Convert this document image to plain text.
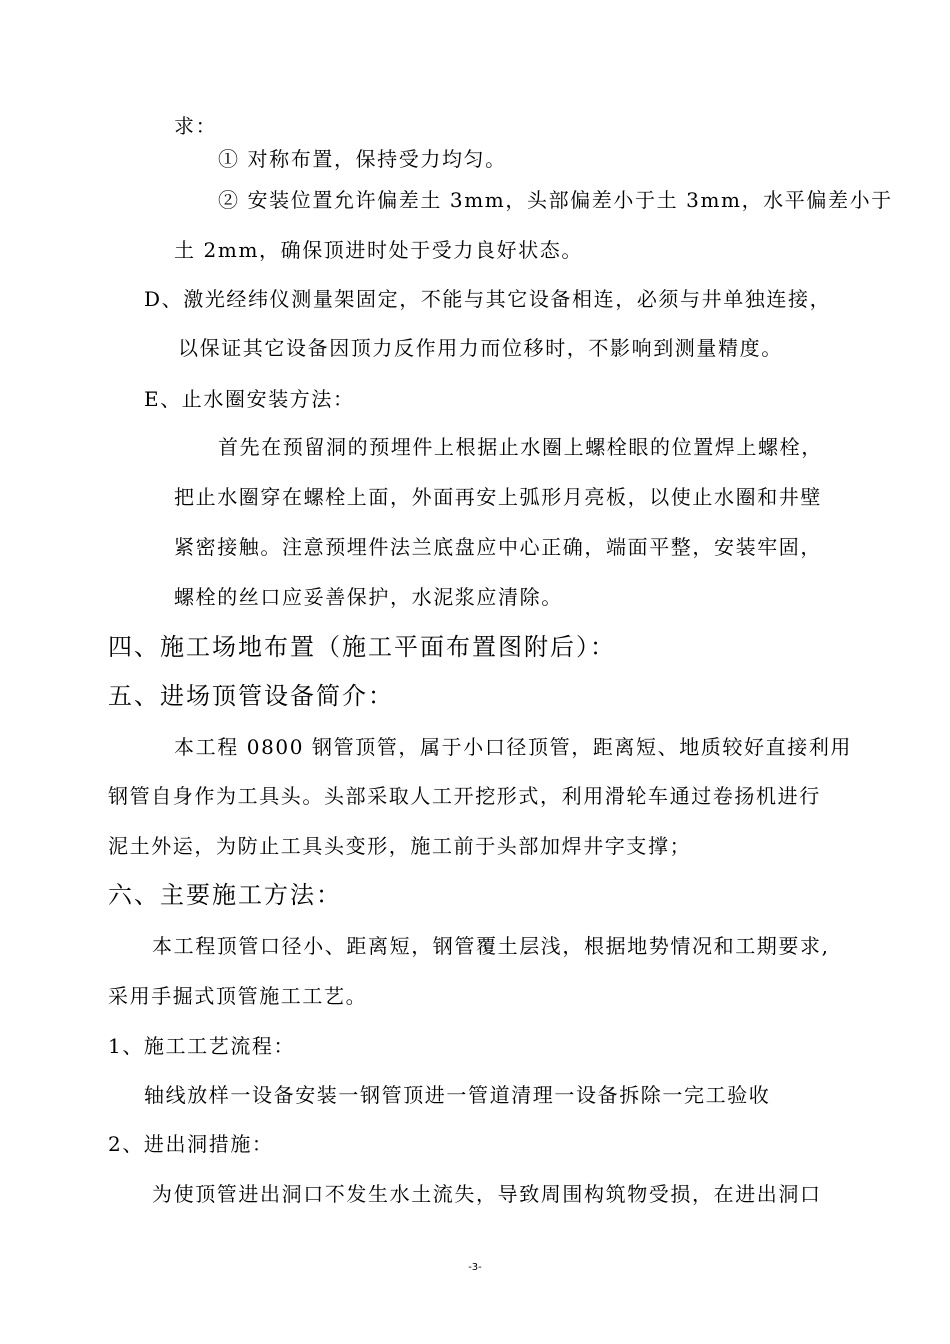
求：
① 对称布置，保持受力均匀。
② 安装位置允许偏差土 3mm，头部偏差小于土 3mm，水平偏差小于
土 2mm，确保顶进时处于受力良好状态。
D、激光经纬仪测量架固定，不能与其它设备相连，必须与井单独连接，
以保证其它设备因顶力反作用力而位移时，不影响到测量精度。
E、止水圈安装方法：
首先在预留洞的预埋件上根据止水圈上螺栓眼的位置焊上螺栓，
把止水圈穿在螺栓上面，外面再安上弧形月亮板，以使止水圈和井壁
紧密接触。注意预埋件法兰底盘应中心正确，端面平整，安装牢固，
螺栓的丝口应妥善保护，水泥浆应清除。
四、施工场地布置（施工平面布置图附后）：
五、进场顶管设备简介：
本工程 0800 钢管顶管，属于小口径顶管，距离短、地质较好直接利用
钢管自身作为工具头。头部采取人工开挖形式，利用滑轮车通过卷扬机进行
泥土外运，为防止工具头变形，施工前于头部加焊井字支撑；
六、主要施工方法：
本工程顶管口径小、距离短，钢管覆土层浅，根据地势情况和工期要求,
采用手掘式顶管施工工艺。
1、施工工艺流程：
轴线放样一设备安装一钢管顶进一管道清理一设备拆除一完工验收
2、进出洞措施：
为使顶管进出洞口不发生水土流失，导致周围构筑物受损，在进出洞口
-3-
